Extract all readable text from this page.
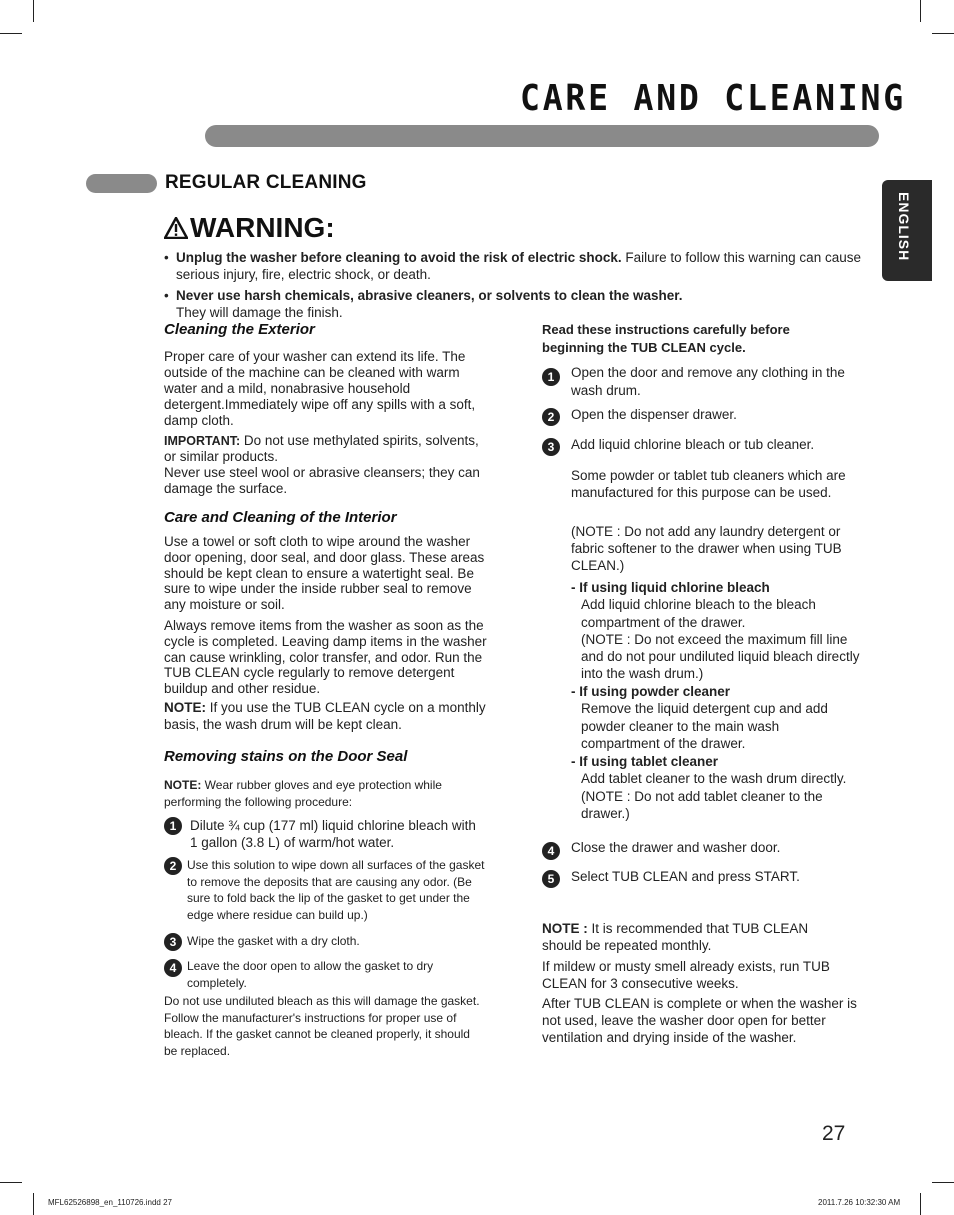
CARE AND CLEANING
REGULAR CLEANING
ENGLISH
WARNING:
• Unplug the washer before cleaning to avoid the risk of electric shock. Failure to follow this warning can cause serious injury, fire, electric shock, or death.
• Never use harsh chemicals, abrasive cleaners, or solvents to clean the washer.
They will damage the finish.
Cleaning the Exterior
Proper care of your washer can extend its life. The outside of the machine can be cleaned with warm water and a mild, nonabrasive household detergent.Immediately wipe off any spills with a soft, damp cloth.
IMPORTANT: Do not use methylated spirits, solvents, or similar products.
Never use steel wool or abrasive cleansers; they can damage the surface.
Care and Cleaning of the Interior
Use a towel or soft cloth to wipe around the washer door opening, door seal, and door glass. These areas should be kept clean to ensure a watertight seal. Be sure to wipe under the inside rubber seal to remove any moisture or soil.
Always remove items from the washer as soon as the cycle is completed. Leaving damp items in the washer can cause wrinkling, color transfer, and odor. Run the TUB CLEAN cycle regularly to remove detergent buildup and other residue.
NOTE: If you use the TUB CLEAN cycle on a monthly basis, the wash drum will be kept clean.
Removing stains on the Door Seal
NOTE: Wear rubber gloves and eye protection while performing the following procedure:
1	Dilute ¾ cup (177 ml) liquid chlorine bleach with 1 gallon (3.8 L) of warm/hot water.
2 Use this solution to wipe down all surfaces of the gasket to remove the deposits that are causing any odor. (Be sure to fold back the lip of the gasket to get under the edge where residue can build up.)
3 Wipe the gasket with a dry cloth.
4 Leave the door open to allow the gasket to dry completely.
Do not use undiluted bleach as this will damage the gasket. Follow the manufacturer's instructions for proper use of bleach. If the gasket cannot be cleaned properly, it should be replaced.
Read these instructions carefully before beginning the TUB CLEAN cycle.
1	Open the door and remove any clothing in the wash drum.
2	Open the dispenser drawer.
3	Add liquid chlorine bleach or tub cleaner.
Some powder or tablet tub cleaners which are manufactured for this purpose can be used.
(NOTE : Do not add any laundry detergent or fabric softener to the drawer when using TUB CLEAN.)
- If using liquid chlorine bleach
Add liquid chlorine bleach to the bleach compartment of the drawer.
(NOTE : Do not exceed the maximum fill line and do not pour undiluted liquid bleach directly into the wash drum.)
- If using powder cleaner
Remove the liquid detergent cup and add powder cleaner to the main wash compartment of the drawer.
- If using tablet cleaner
Add tablet cleaner to the wash drum directly.
(NOTE : Do not add tablet cleaner to the drawer.)
4	Close the drawer and washer door.
5	Select TUB CLEAN and press START.
NOTE : It is recommended that TUB CLEAN should be repeated monthly.
If mildew or musty smell already exists, run TUB CLEAN for 3 consecutive weeks.
After TUB CLEAN is complete or when the washer is not used, leave the washer door open for better ventilation and drying inside of the washer.
27
MFL62526898_en_110726.indd 27	2011.7.26 10:32:30 AM
